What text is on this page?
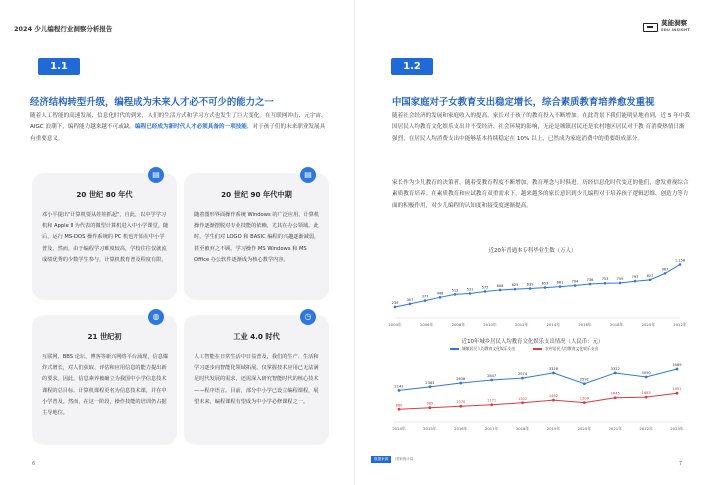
2024 少儿编程行业洞察分析报告
1.1
经济结构转型升级，编程成为未来人才必不可少的能力之一
随着人工智能的高速发展、信息化时代的到来，人们的生活方式和学习方式也发生了巨大变化。在互联网冲击、元宇宙、AIGC 浪潮下，编程能力越来越不可或缺。编程已经成为新时代人才必须具备的一项技能，对于孩子们的未来职业发展具有重要意义。
▤
20 世纪 80 年代
邓小平提出"计算机要从娃娃抓起"，自此，以中学学习机和 Apple Ⅱ 为代表的微型计算机进入中小学课堂。随后，运行 MS-DOS 操作系统的 PC 机也开始在中小学普及。然而，由于编程学习难度较高，学校往往仅就流成绩优秀的少数学生参与，计算机教育普及程度有限。
▤
20 世纪 90 年代中期
随着图形界面操作系统 Windows 的广泛应用，计算机操作逐渐摆脱对专业技能的依赖，尤其在办公领域。此时，学生们对 LOGO 和 BASIC 编程的兴趣逐渐减弱，甚至被弃之不顾。学习操作 MS Windows 和 MS Office 办公软件逐渐成为核心教学内容。
◍
21 世纪初
互联网、BBS 论坛、博客等新兴网络平台涌现，信息爆炸式增长，对人们获取、评估和应用信息的能力提出新的要求。因此，信息素养被确立为我国中小学信息技术课程的总目标。计算机课程更名为信息技术课，并在中小学普及。然而，在这一阶段，操作技能的培训仍占据主导地位。
◷
工业 4.0 时代
人工智能在日常生活中日益普及，我们的生产、生活和学习逐步向智能化领域拓展。仅掌握技术应用已无法满足时代发展的需求，还需深入研究智能时代的核心技术——程序语言。目前，部分中小学已设立编程课程，展望未来，编程课程有望成为中小学必修课程之一。
6
莫能洞察
EDU INSIGHT
1.2
中国家庭对子女教育支出稳定增长，综合素质教育培养愈发重视
随着社会经济的发展和家庭收入的提高，家长对于孩子的教育投入不断增加。在此背景下我们能明显地看到，近 5 年中我国居民人均教育文化娱乐支出并不受经济、社会环境的影响，无论是城镇居民还是农村地区居民对于教 育消费热情日渐强烈，在居民人均消费支出中能够基本持续稳定在 10% 以上，已然成为家庭消费中的重要组成部分。
家长作为少儿教育的决策者，随着受教育程度不断增加，教育理念与时俱进。历经信息化时代变迁的他们，愈发重视综合素质教育培养。在素质教育和应试教育双重需求下，越来越多的家长意识到少儿编程对于培养孩子逻辑思维、创造力等方面的积极作用，对少儿编程的认知度和接受度逐渐提高。
近20年普通本专科毕业生数（万人）
239
307
377
448
512 531
575 608 625 639 659 681 704 736 753 759 797 827
967
1,158
2004年	2006年	2008年	2010年	2012年	2014年	2016年	2018年	2020年	2022年
近10年城乡居民人均教育文化娱乐支出情况（人民币：元）
城镇居民人均教育文化娱乐支出	农村居民人均教育文化娱乐支出
2142
2383
2638
2847	2974
3328
2592
3322
3050
3589
860	969	1070	1171	1302
1482
1309
1645	1683
1951
2014年	2015年	2016年	2017年	2018年	2019年	2020年	2021年	2022年	2023年
数据来源	国家统计局
7
